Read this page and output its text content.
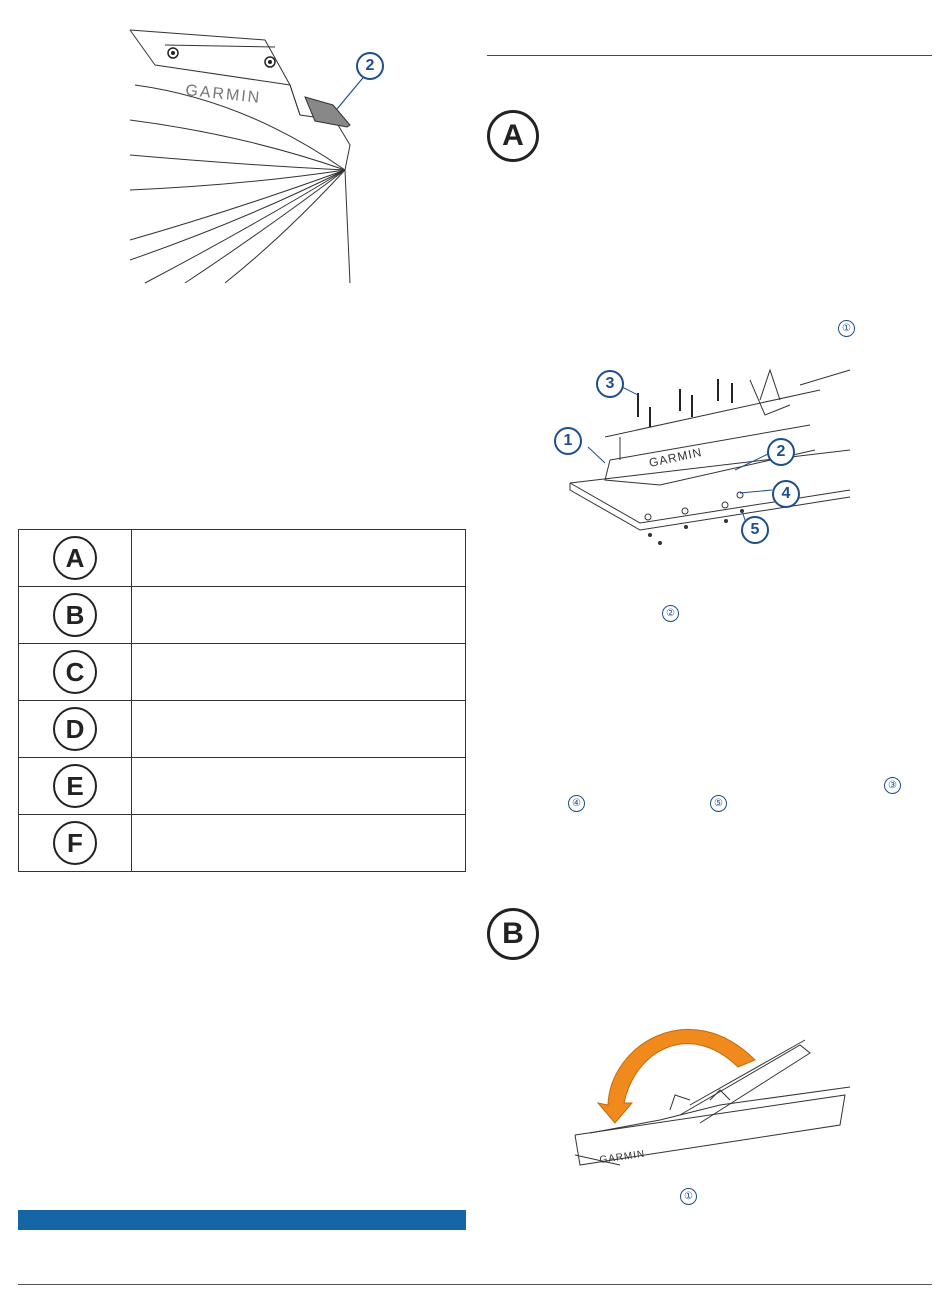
GARMIN
2
A
①
GARMIN
1
2
3
4
5
②
③
④	⑤
B
GARMIN
①
A	
B	
C	
D	
E	
F	
